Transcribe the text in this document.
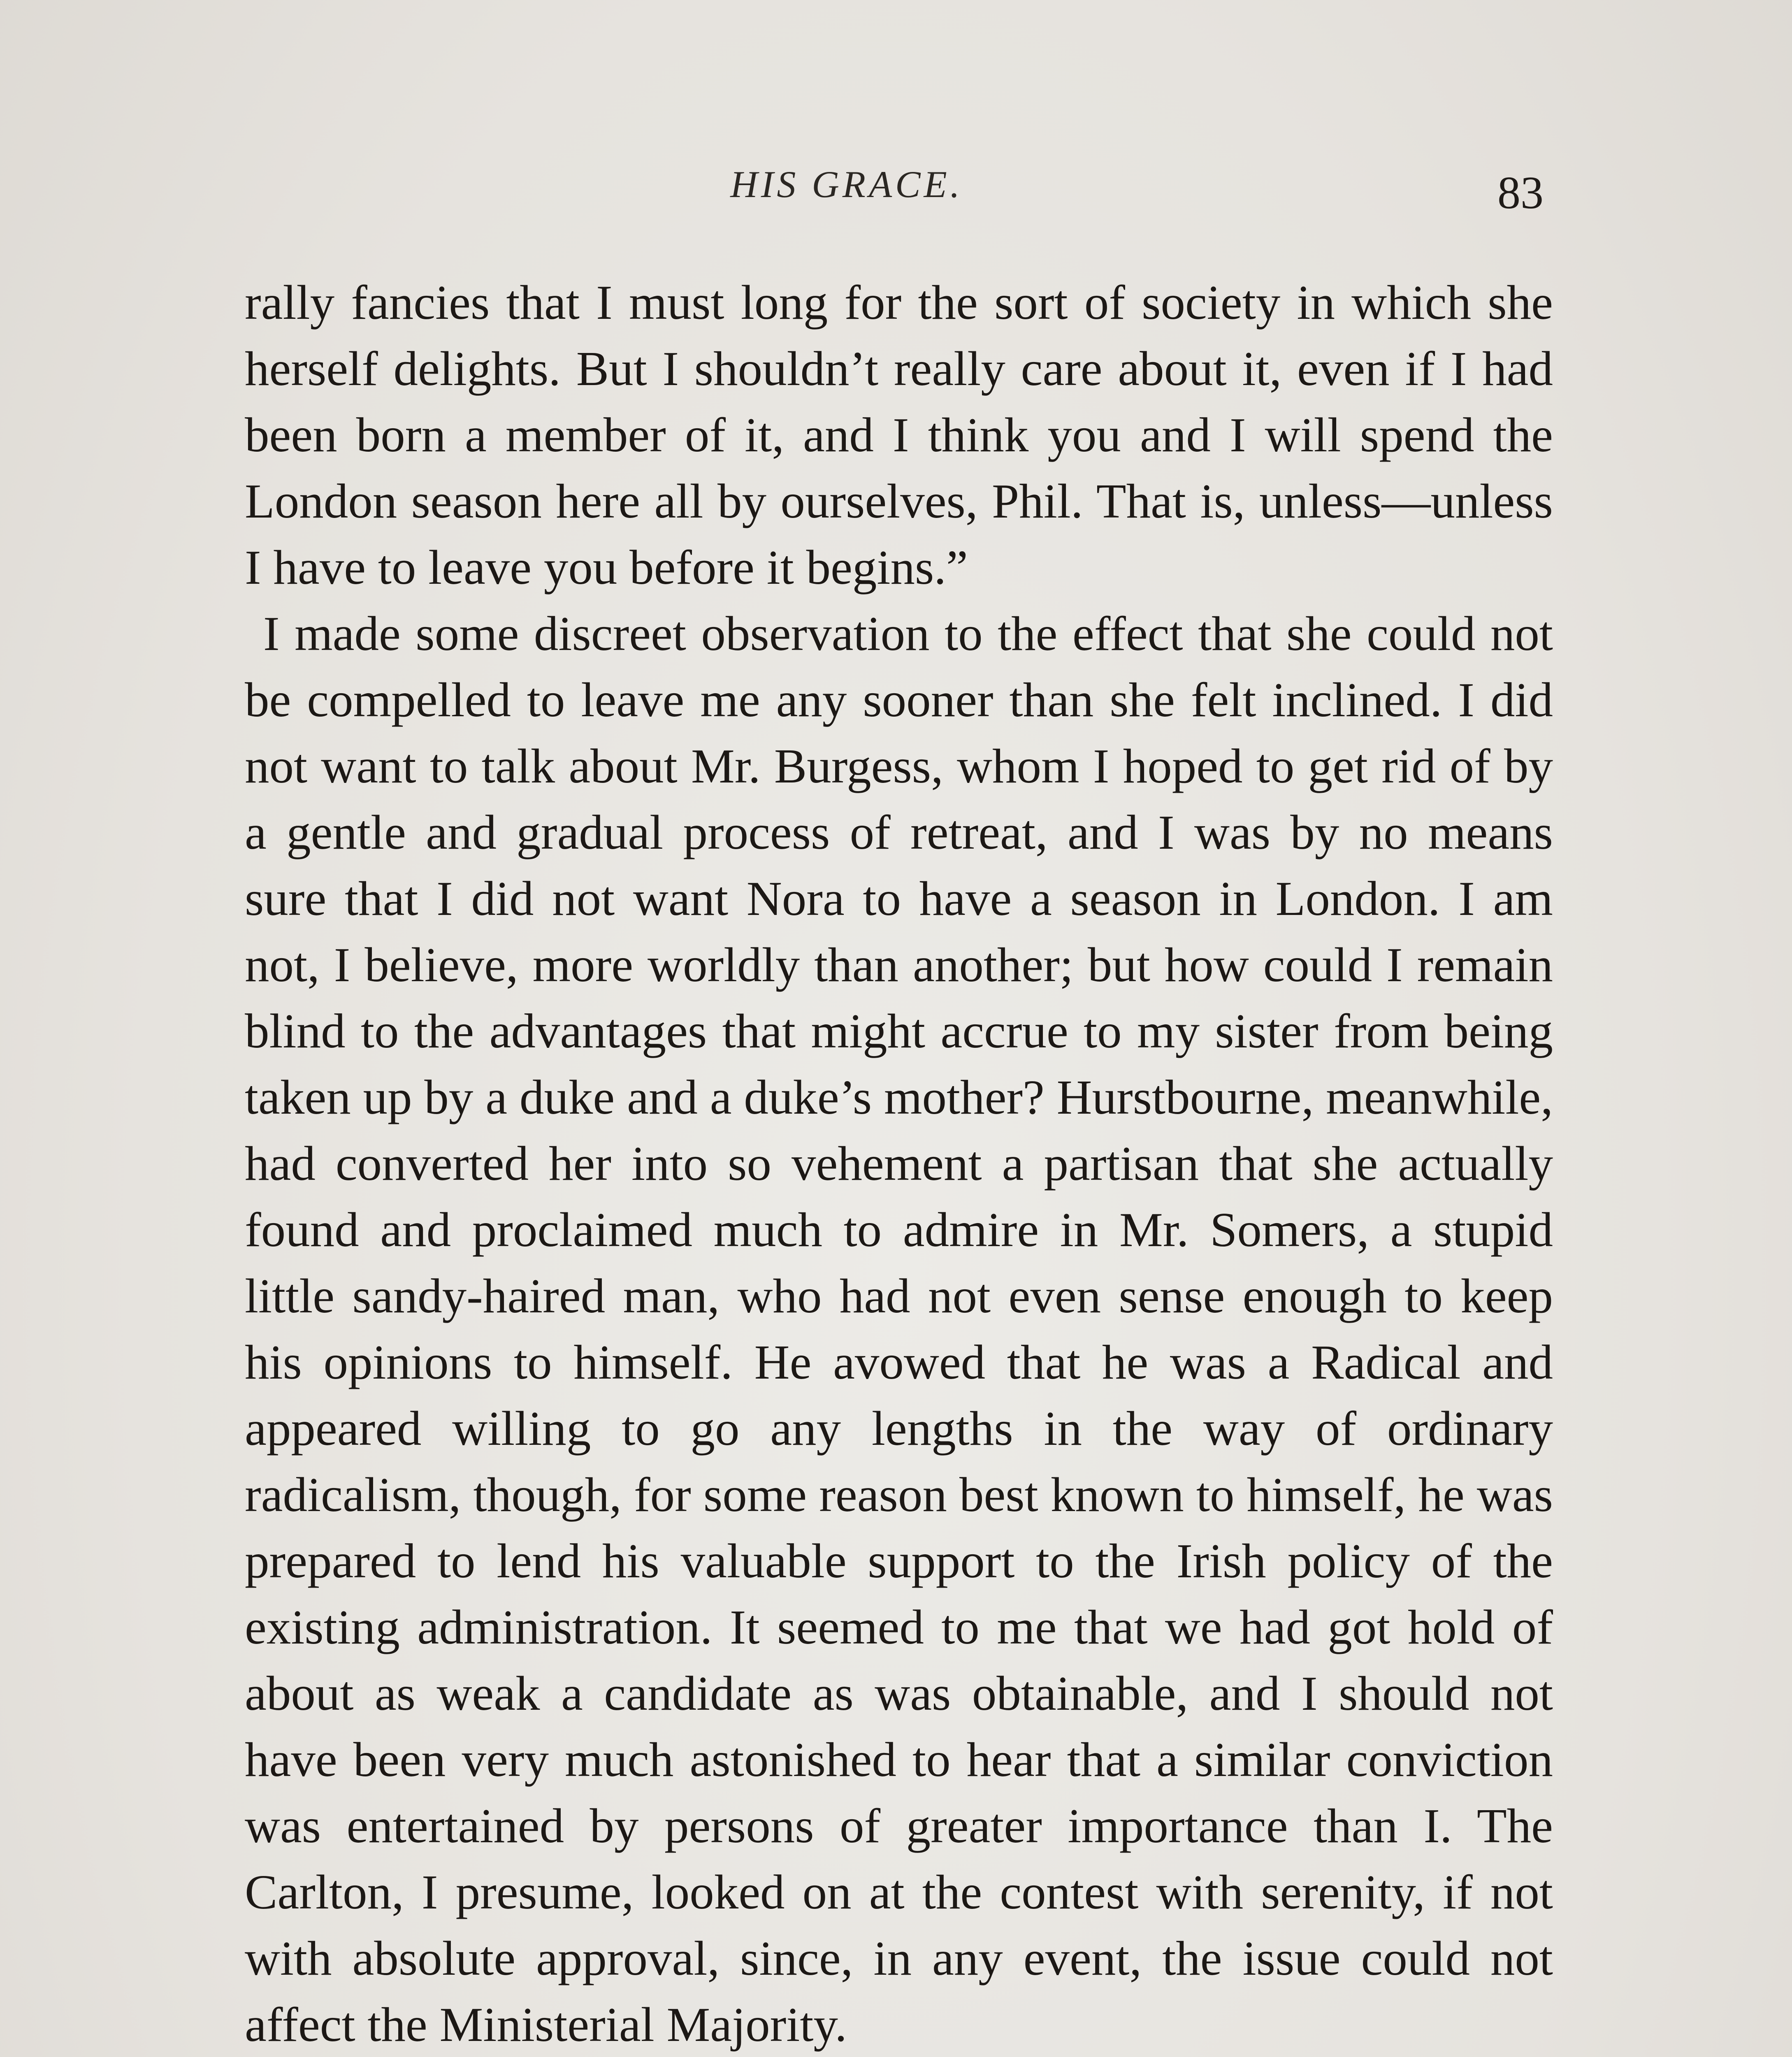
HIS GRACE.	83

rally fancies that I must long for the sort of society in which she herself delights. But I shouldn’t really care about it, even if I had been born a member of it, and I think you and I will spend the London season here all by ourselves, Phil. That is, unless—unless I have to leave you before it begins.”

I made some discreet observation to the effect that she could not be compelled to leave me any sooner than she felt inclined. I did not want to talk about Mr. Burgess, whom I hoped to get rid of by a gentle and gradual process of retreat, and I was by no means sure that I did not want Nora to have a season in London. I am not, I believe, more worldly than another; but how could I remain blind to the advantages that might accrue to my sister from being taken up by a duke and a duke’s mother? Hurstbourne, meanwhile, had converted her into so vehement a partisan that she actually found and proclaimed much to admire in Mr. Somers, a stupid little sandy-haired man, who had not even sense enough to keep his opinions to himself. He avowed that he was a Radical and appeared willing to go any lengths in the way of ordinary radicalism, though, for some reason best known to himself, he was prepared to lend his valuable support to the Irish policy of the existing administration. It seemed to me that we had got hold of about as weak a candidate as was obtainable, and I should not have been very much astonished to hear that a similar conviction was entertained by persons of greater importance than I. The Carlton, I presume, looked on at the contest with serenity, if not with absolute approval, since, in any event, the issue could not affect the Ministerial Majority.
